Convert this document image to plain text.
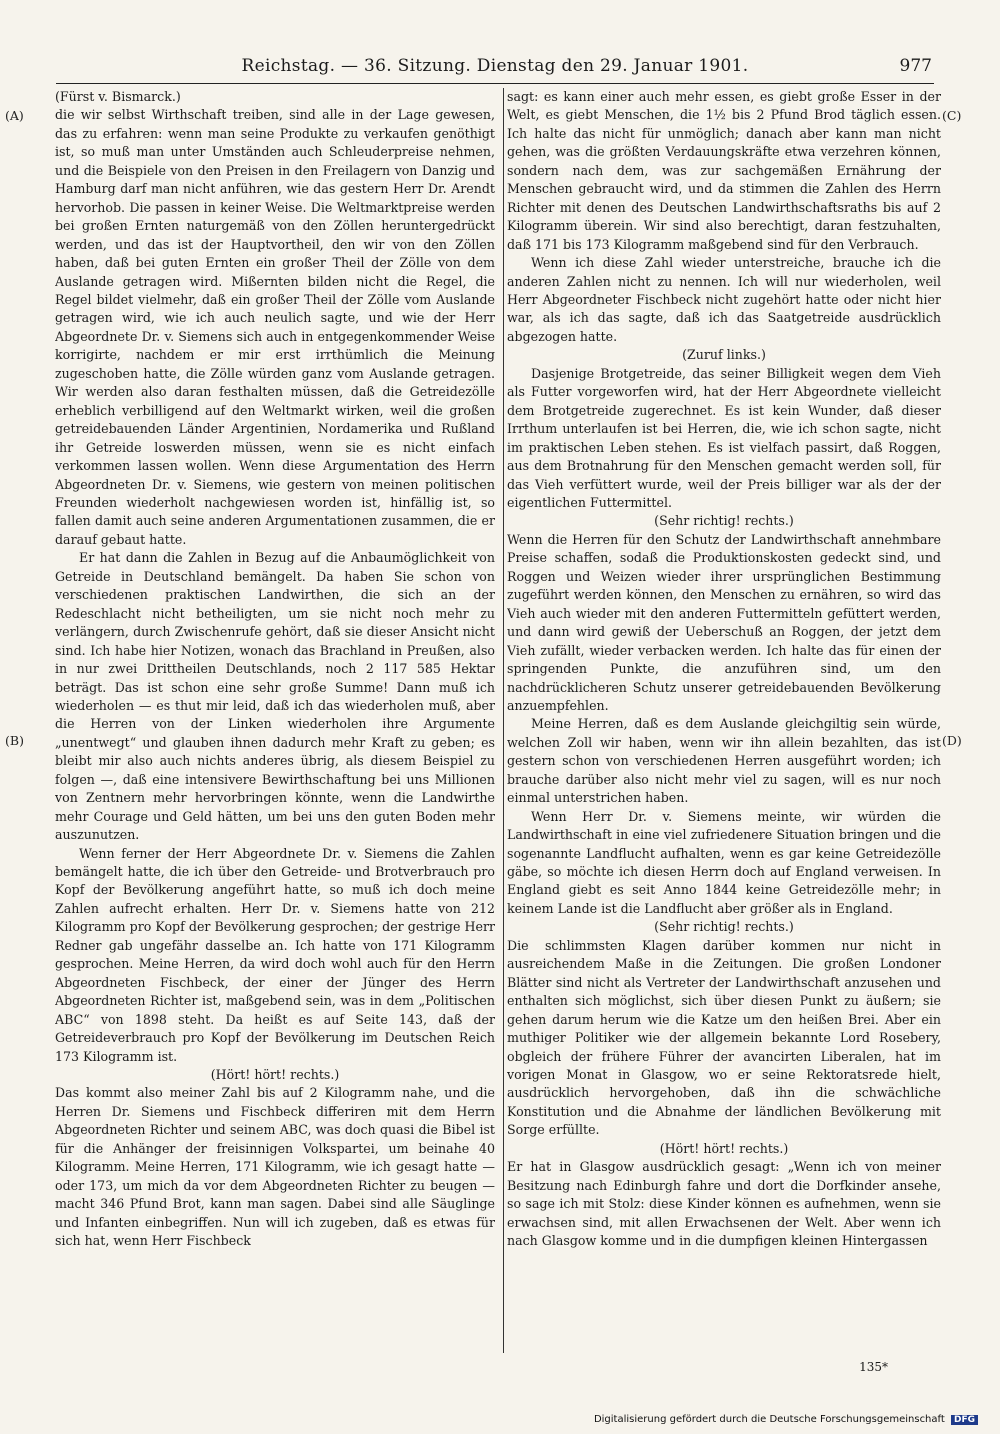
Reichstag. — 36. Sitzung. Dienstag den 29. Januar 1901.	977
(A)
(B)
(C)
(D)
(Fürst v. Bismarck.)

die wir selbst Wirthschaft treiben, sind alle in der Lage gewesen, das zu erfahren: wenn man seine Produkte zu verkaufen genöthigt ist, so muß man unter Umständen auch Schleuderpreise nehmen, und die Beispiele von den Preisen in den Freilagern von Danzig und Hamburg darf man nicht anführen, wie das gestern Herr Dr. Arendt hervorhob. Die passen in keiner Weise. Die Weltmarktpreise werden bei großen Ernten naturgemäß von den Zöllen heruntergedrückt werden, und das ist der Hauptvortheil, den wir von den Zöllen haben, daß bei guten Ernten ein großer Theil der Zölle von dem Auslande getragen wird. Mißernten bilden nicht die Regel, die Regel bildet vielmehr, daß ein großer Theil der Zölle vom Auslande getragen wird, wie ich auch neulich sagte, und wie der Herr Abgeordnete Dr. v. Siemens sich auch in entgegenkommender Weise korrigirte, nachdem er mir erst irrthümlich die Meinung zugeschoben hatte, die Zölle würden ganz vom Auslande getragen. Wir werden also daran festhalten müssen, daß die Getreidezölle erheblich verbilligend auf den Weltmarkt wirken, weil die großen getreidebauenden Länder Argentinien, Nordamerika und Rußland ihr Getreide loswerden müssen, wenn sie es nicht einfach verkommen lassen wollen. Wenn diese Argumentation des Herrn Abgeordneten Dr. v. Siemens, wie gestern von meinen politischen Freunden wiederholt nachgewiesen worden ist, hinfällig ist, so fallen damit auch seine anderen Argumentationen zusammen, die er darauf gebaut hatte.

Er hat dann die Zahlen in Bezug auf die Anbaumöglichkeit von Getreide in Deutschland bemängelt. Da haben Sie schon von verschiedenen praktischen Landwirthen, die sich an der Redeschlacht nicht betheiligten, um sie nicht noch mehr zu verlängern, durch Zwischenrufe gehört, daß sie dieser Ansicht nicht sind. Ich habe hier Notizen, wonach das Brachland in Preußen, also in nur zwei Drittheilen Deutschlands, noch 2 117 585 Hektar beträgt. Das ist schon eine sehr große Summe! Dann muß ich wiederholen — es thut mir leid, daß ich das wiederholen muß, aber die Herren von der Linken wiederholen ihre Argumente „unentwegt“ und glauben ihnen dadurch mehr Kraft zu geben; es bleibt mir also auch nichts anderes übrig, als diesem Beispiel zu folgen —, daß eine intensivere Bewirthschaftung bei uns Millionen von Zentnern mehr hervorbringen könnte, wenn die Landwirthe mehr Courage und Geld hätten, um bei uns den guten Boden mehr auszunutzen.

Wenn ferner der Herr Abgeordnete Dr. v. Siemens die Zahlen bemängelt hatte, die ich über den Getreide- und Brotverbrauch pro Kopf der Bevölkerung angeführt hatte, so muß ich doch meine Zahlen aufrecht erhalten. Herr Dr. v. Siemens hatte von 212 Kilogramm pro Kopf der Bevölkerung gesprochen; der gestrige Herr Redner gab ungefähr dasselbe an. Ich hatte von 171 Kilogramm gesprochen. Meine Herren, da wird doch wohl auch für den Herrn Abgeordneten Fischbeck, der einer der Jünger des Herrn Abgeordneten Richter ist, maßgebend sein, was in dem „Politischen ABC“ von 1898 steht. Da heißt es auf Seite 143, daß der Getreideverbrauch pro Kopf der Bevölkerung im Deutschen Reich 173 Kilogramm ist.

(Hört! hört! rechts.)

Das kommt also meiner Zahl bis auf 2 Kilogramm nahe, und die Herren Dr. Siemens und Fischbeck differiren mit dem Herrn Abgeordneten Richter und seinem ABC, was doch quasi die Bibel ist für die Anhänger der freisinnigen Volkspartei, um beinahe 40 Kilogramm. Meine Herren, 171 Kilogramm, wie ich gesagt hatte — oder 173, um mich da vor dem Abgeordneten Richter zu beugen — macht 346 Pfund Brot, kann man sagen. Dabei sind alle Säuglinge und Infanten einbegriffen. Nun will ich zugeben, daß es etwas für sich hat, wenn Herr Fischbeck

sagt: es kann einer auch mehr essen, es giebt große Esser in der Welt, es giebt Menschen, die 1½ bis 2 Pfund Brod täglich essen. Ich halte das nicht für unmöglich; danach aber kann man nicht gehen, was die größten Verdauungskräfte etwa verzehren können, sondern nach dem, was zur sachgemäßen Ernährung der Menschen gebraucht wird, und da stimmen die Zahlen des Herrn Richter mit denen des Deutschen Landwirthschaftsraths bis auf 2 Kilogramm überein. Wir sind also berechtigt, daran festzuhalten, daß 171 bis 173 Kilogramm maßgebend sind für den Verbrauch.

Wenn ich diese Zahl wieder unterstreiche, brauche ich die anderen Zahlen nicht zu nennen. Ich will nur wiederholen, weil Herr Abgeordneter Fischbeck nicht zugehört hatte oder nicht hier war, als ich das sagte, daß ich das Saatgetreide ausdrücklich abgezogen hatte.

(Zuruf links.)

Dasjenige Brotgetreide, das seiner Billigkeit wegen dem Vieh als Futter vorgeworfen wird, hat der Herr Abgeordnete vielleicht dem Brotgetreide zugerechnet. Es ist kein Wunder, daß dieser Irrthum unterlaufen ist bei Herren, die, wie ich schon sagte, nicht im praktischen Leben stehen. Es ist vielfach passirt, daß Roggen, aus dem Brotnahrung für den Menschen gemacht werden soll, für das Vieh verfüttert wurde, weil der Preis billiger war als der der eigentlichen Futtermittel.

(Sehr richtig! rechts.)

Wenn die Herren für den Schutz der Landwirthschaft annehmbare Preise schaffen, sodaß die Produktionskosten gedeckt sind, und Roggen und Weizen wieder ihrer ursprünglichen Bestimmung zugeführt werden können, den Menschen zu ernähren, so wird das Vieh auch wieder mit den anderen Futtermitteln gefüttert werden, und dann wird gewiß der Ueberschuß an Roggen, der jetzt dem Vieh zufällt, wieder verbacken werden. Ich halte das für einen der springenden Punkte, die anzuführen sind, um den nachdrücklicheren Schutz unserer getreidebauenden Bevölkerung anzuempfehlen.

Meine Herren, daß es dem Auslande gleichgiltig sein würde, welchen Zoll wir haben, wenn wir ihn allein bezahlten, das ist gestern schon von verschiedenen Herren ausgeführt worden; ich brauche darüber also nicht mehr viel zu sagen, will es nur noch einmal unterstrichen haben.

Wenn Herr Dr. v. Siemens meinte, wir würden die Landwirthschaft in eine viel zufriedenere Situation bringen und die sogenannte Landflucht aufhalten, wenn es gar keine Getreidezölle gäbe, so möchte ich diesen Herrn doch auf England verweisen. In England giebt es seit Anno 1844 keine Getreidezölle mehr; in keinem Lande ist die Landflucht aber größer als in England.

(Sehr richtig! rechts.)

Die schlimmsten Klagen darüber kommen nur nicht in ausreichendem Maße in die Zeitungen. Die großen Londoner Blätter sind nicht als Vertreter der Landwirthschaft anzusehen und enthalten sich möglichst, sich über diesen Punkt zu äußern; sie gehen darum herum wie die Katze um den heißen Brei. Aber ein muthiger Politiker wie der allgemein bekannte Lord Rosebery, obgleich der frühere Führer der avancirten Liberalen, hat im vorigen Monat in Glasgow, wo er seine Rektoratsrede hielt, ausdrücklich hervorgehoben, daß ihn die schwächliche Konstitution und die Abnahme der ländlichen Bevölkerung mit Sorge erfüllte.

(Hört! hört! rechts.)

Er hat in Glasgow ausdrücklich gesagt: „Wenn ich von meiner Besitzung nach Edinburgh fahre und dort die Dorfkinder ansehe, so sage ich mit Stolz: diese Kinder können es aufnehmen, wenn sie erwachsen sind, mit allen Erwachsenen der Welt. Aber wenn ich nach Glasgow komme und in die dumpfigen kleinen Hintergassen

135*
Digitalisierung gefördert durch die Deutsche Forschungsgemeinschaft DFG
